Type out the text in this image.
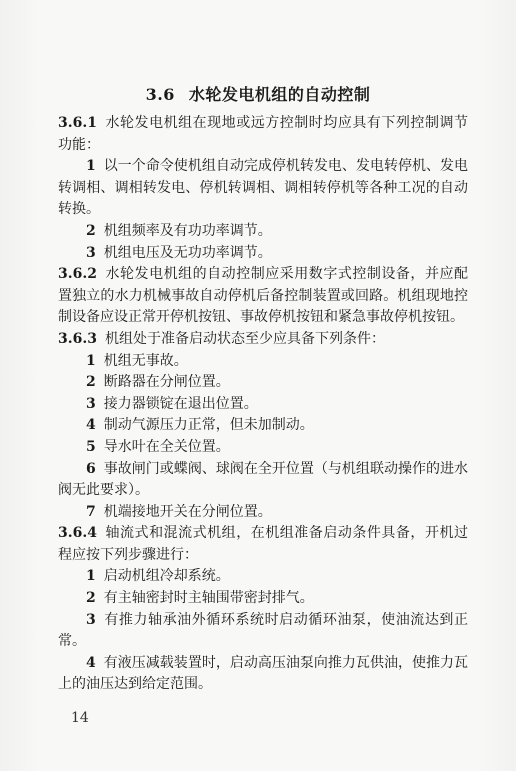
3.6 水轮发电机组的自动控制

3.6.1 水轮发电机组在现地或远方控制时均应具有下列控制调节功能：

1 以一个命令使机组自动完成停机转发电、发电转停机、发电转调相、调相转发电、停机转调相、调相转停机等各种工况的自动转换。

2 机组频率及有功功率调节。

3 机组电压及无功功率调节。

3.6.2 水轮发电机组的自动控制应采用数字式控制设备，并应配置独立的水力机械事故自动停机后备控制装置或回路。机组现地控制设备应设正常开停机按钮、事故停机按钮和紧急事故停机按钮。

3.6.3 机组处于准备启动状态至少应具备下列条件：

1 机组无事故。

2 断路器在分闸位置。

3 接力器锁锭在退出位置。

4 制动气源压力正常，但未加制动。

5 导水叶在全关位置。

6 事故闸门或蝶阀、球阀在全开位置（与机组联动操作的进水阀无此要求）。

7 机端接地开关在分闸位置。

3.6.4 轴流式和混流式机组，在机组准备启动条件具备，开机过程应按下列步骤进行：

1 启动机组冷却系统。

2 有主轴密封时主轴围带密封排气。

3 有推力轴承油外循环系统时启动循环油泵，使油流达到正常。

4 有液压减载装置时，启动高压油泵向推力瓦供油，使推力瓦上的油压达到给定范围。

14
